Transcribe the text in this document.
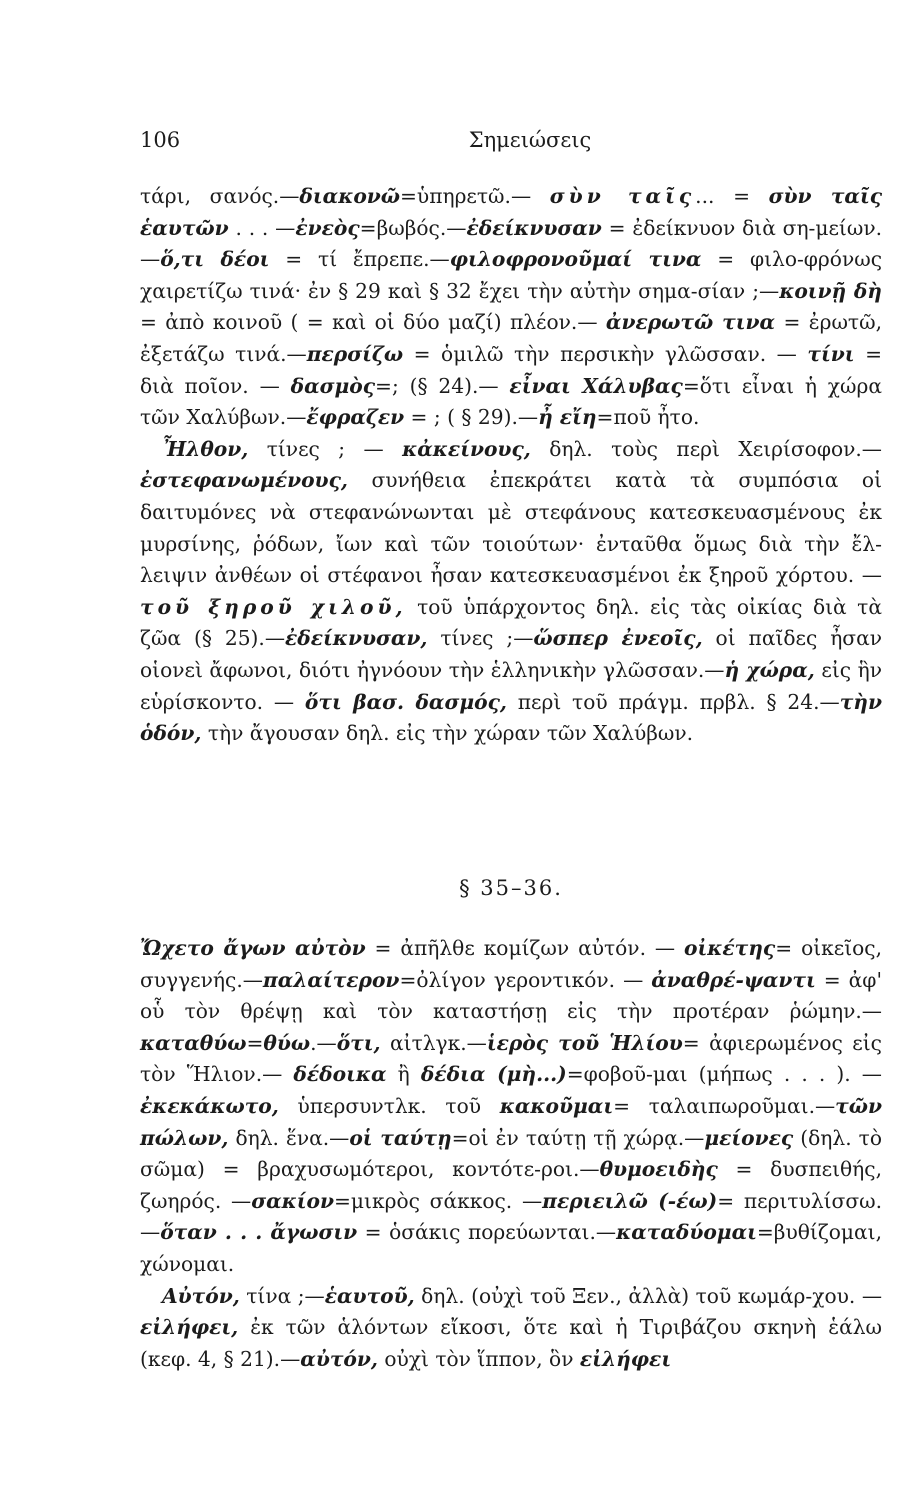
106	Σημειώσεις

τάρι, σανός.—διακονῶ=ὑπηρετῶ.— σὺν ταῖς... = σὺν ταῖς ἑαυτῶν . . . —ἐνεὸς=βωβός.—ἐδείκνυσαν = ἐδείκνυον διὰ ση-μείων.—ὅ,τι δέοι = τί ἔπρεπε.—φιλοφρονοῦμαί τινα = φιλο-φρόνως χαιρετίζω τινά· ἐν § 29 καὶ § 32 ἔχει τὴν αὐτὴν σημα-σίαν ;—κοινῇ δὴ = ἀπὸ κοινοῦ ( = καὶ οἱ δύο μαζί) πλέον.— ἀνερωτῶ τινα = ἐρωτῶ, ἐξετάζω τινά.—περσίζω = ὁμιλῶ τὴν περσικὴν γλῶσσαν. — τίνι = διὰ ποῖον. — δασμὸς=; (§ 24).— εἶναι Χάλυβας=ὅτι εἶναι ἡ χώρα τῶν Χαλύβων.—ἔφραζεν = ; ( § 29).—ἦ εἴη=ποῦ ἦτο.

Ἦλθον, τίνες ; — κἀκείνους, δηλ. τοὺς περὶ Χειρίσοφον.— ἐστεφανωμένους, συνήθεια ἐπεκράτει κατὰ τὰ συμπόσια οἱ δαιτυμόνες νὰ στεφανώνωνται μὲ στεφάνους κατεσκευασμένους ἐκ μυρσίνης, ῥόδων, ἴων καὶ τῶν τοιούτων· ἐνταῦθα ὅμως διὰ τὴν ἔλ-λειψιν ἀνθέων οἱ στέφανοι ἦσαν κατεσκευασμένοι ἐκ ξηροῦ χόρτου. —τοῦ ξηροῦ χιλοῦ, τοῦ ὑπάρχοντος δηλ. εἰς τὰς οἰκίας διὰ τὰ ζῶα (§ 25).—ἐδείκνυσαν, τίνες ;—ὥσπερ ἐνεοῖς, οἱ παῖδες ἦσαν οἱονεὶ ἄφωνοι, διότι ἠγνόουν τὴν ἑλληνικὴν γλῶσσαν.—ἡ χώρα, εἰς ἣν εὑρίσκοντο. — ὅτι βασ. δασμός, περὶ τοῦ πράγμ. πρβλ. § 24.—τὴν ὁδόν, τὴν ἄγουσαν δηλ. εἰς τὴν χώραν τῶν Χαλύβων.

§ 35–36.

Ὤχετο ἄγων αὐτὸν = ἀπῆλθε κομίζων αὐτόν. — οἰκέτης= οἰκεῖος, συγγενής.—παλαίτερον=ὀλίγον γεροντικόν. — ἀναθρέ-ψαντι = ἀφ' οὗ τὸν θρέψῃ καὶ τὸν καταστήσῃ εἰς τὴν προτέραν ῥώμην.—καταθύω=θύω.—ὅτι, αἰτλγκ.—ἱερὸς τοῦ Ἡλίου= ἀφιερωμένος εἰς τὸν Ἥλιον.— δέδοικα ἢ δέδια (μὴ...)=φοβοῦ-μαι (μήπως . . . ). — ἐκεκάκωτο, ὑπερσυντλκ. τοῦ κακοῦμαι= ταλαιπωροῦμαι.—τῶν πώλων, δηλ. ἕνα.—οἱ ταύτῃ=οἱ ἐν ταύτῃ τῇ χώρᾳ.—μείονες (δηλ. τὸ σῶμα) = βραχυσωμότεροι, κοντότε-ροι.—θυμοειδὴς = δυσπειθής, ζωηρός. —σακίον=μικρὸς σάκκος. —περιειλῶ (-έω)= περιτυλίσσω.—ὅταν . . . ἄγωσιν = ὁσάκις πορεύωνται.—καταδύομαι=βυθίζομαι, χώνομαι.

Αὐτόν, τίνα ;—ἑαυτοῦ, δηλ. (οὐχὶ τοῦ Ξεν., ἀλλὰ) τοῦ κωμάρ-χου. — εἰλήφει, ἐκ τῶν ἁλόντων εἴκοσι, ὅτε καὶ ἡ Τιριβάζου σκηνὴ ἑάλω (κεφ. 4, § 21).—αὐτόν, οὐχὶ τὸν ἵππον, ὃν εἰλήφει
